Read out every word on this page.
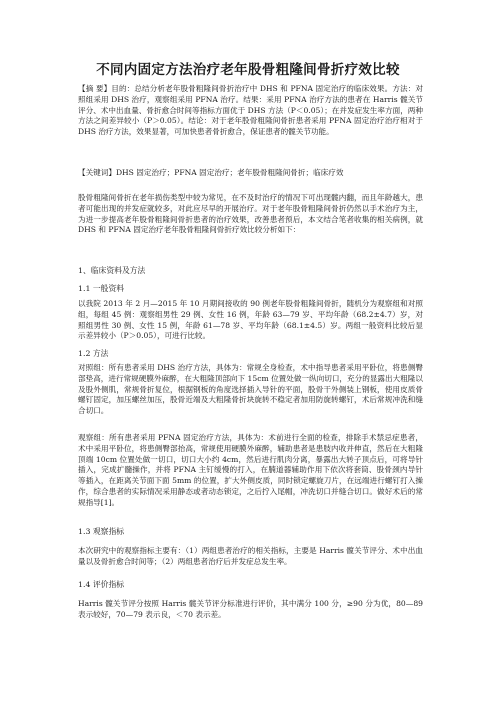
不同内固定方法治疗老年股骨粗隆间骨折疗效比较
【摘 要】目的：总结分析老年股骨粗隆间骨折治疗中 DHS 和 PFNA 固定治疗的临床效果。方法：对照组采用 DHS 治疗，观察组采用 PFNA 治疗。结果：采用 PFNA 治疗方法的患者在 Harris 髋关节评分、术中出血量、骨折愈合时间等指标方面优于 DHS 方法（P＜0.05）；在并发症发生率方面，两种方法之间差异较小（P＞0.05）。结论：对于老年股骨粗隆间骨折患者采用 PFNA 固定治疗治疗相对于 DHS 治疗方法，效果显著，可加快患者骨折愈合，保证患者的髋关节功能。
【关键词】DHS 固定治疗；PFNA 固定治疗；老年股骨粗隆间骨折；临床疗效
股骨粗隆间骨折在老年损伤类型中较为常见，在不及时治疗的情况下可出现髋内翻，而且年龄越大，患者可能出现的并发症就较多，对此应尽早的开展治疗。对于老年股骨粗隆间骨折仍然以手术治疗为主，为进一步提高老年股骨粗隆间骨折患者的治疗效果，改善患者预后，本文结合笔者收集的相关病例，就 DHS 和 PFNA 固定治疗老年股骨粗隆间骨折疗效比较分析如下：
1、临床资料及方法
1.1 一般资料
以我院 2013 年 2 月—2015 年 10 月期间接收的 90 例老年股骨粗隆间骨折，随机分为观察组和对照组，每组 45 例：观察组男性 29 例、女性 16 例，年龄 63—79 岁、平均年龄（68.2±4.7）岁，对照组男性 30 例、女性 15 例，年龄 61—78 岁、平均年龄（68.1±4.5）岁。两组一般资料比较后显示差异较小（P＞0.05），可进行比较。
1.2 方法
对照组：所有患者采用 DHS 治疗方法，具体为：常规全身检查，术中指导患者采用平卧位，将患侧臀部垫高，进行常规硬膜外麻醉，在大粗隆顶部向下 15cm 位置处做一纵向切口，充分的显露出大粗隆以及股外侧肌，常规骨折复位，根据钢板的角度选择插入导针的平面，股骨干外侧装上钢板，使用皮质骨螺钉固定，加压螺丝加压，股骨近端及大粗隆骨折块旋转不稳定者加用防旋转螺钉，术后常规冲洗和缝合切口。
观察组：所有患者采用 PFNA 固定治疗方法，具体为：术前进行全面的检查，排除手术禁忌症患者，术中采用平卧位，将患侧臀部抬高，常规使用硬膜外麻醉，辅助患者是患肢内收并伸直，然后在大粗隆顶端 10cm 位置处做一切口，切口大小约 4cm，然后进行肌肉分离，暴露出大转子顶点后，可将导针插入，完成扩髓操作，并将 PFNA 主钉缓慢的打入，在腩道器辅助作用下依次将套筒、股骨颈内导针等插入，在距离关节面下面 5mm 的位置，扩大外侧皮质，同时锁定螺旋刀片，在远端进行螺钉打入操作，综合患者的实际情况采用静态或者动态锁定，之后拧入尾帽，冲洗切口并缝合切口。做好术后的常规指导[1]。
1.3 观察指标
本次研究中的观察指标主要有：（1）两组患者治疗的相关指标，主要是 Harris 髋关节评分、术中出血量以及骨折愈合时间等；（2）两组患者治疗后并发症总发生率。
1.4 评价指标
Harris 髋关节评分按照 Harris 髋关节评分标准进行评价，其中满分 100 分，≥90 分为优，80—89 表示较好，70—79 表示良，＜70 表示差。
